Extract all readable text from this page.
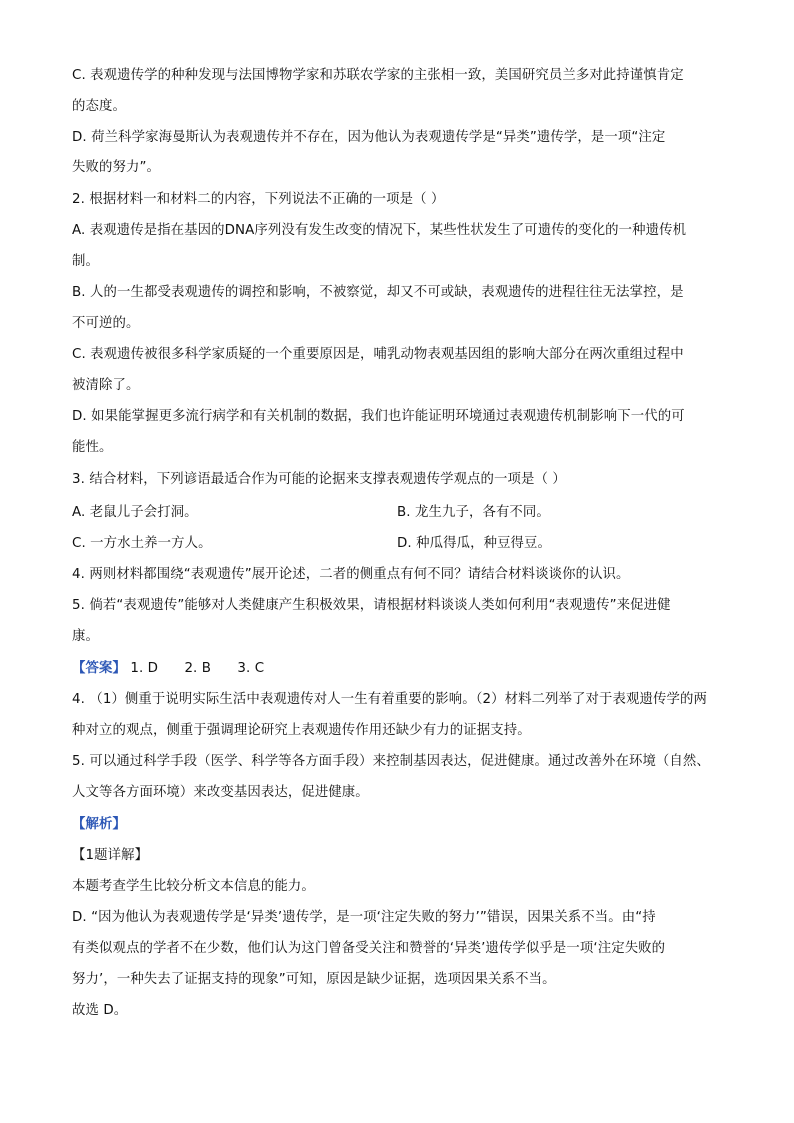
C. 表观遗传学的种种发现与法国博物学家和苏联农学家的主张相一致，美国研究员兰多对此持谨慎肯定
的态度。
D. 荷兰科学家海曼斯认为表观遗传并不存在，因为他认为表观遗传学是“异类”遗传学，是一项“注定
失败的努力”。
2. 根据材料一和材料二的内容，下列说法不正确的一项是（ ）
A. 表观遗传是指在基因的DNA序列没有发生改变的情况下，某些性状发生了可遗传的变化的一种遗传机
制。
B. 人的一生都受表观遗传的调控和影响，不被察觉，却又不可或缺，表观遗传的进程往往无法掌控，是
不可逆的。
C. 表观遗传被很多科学家质疑的一个重要原因是，哺乳动物表观基因组的影响大部分在两次重组过程中
被清除了。
D. 如果能掌握更多流行病学和有关机制的数据，我们也许能证明环境通过表观遗传机制影响下一代的可
能性。
3. 结合材料，下列谚语最适合作为可能的论据来支撑表观遗传学观点的一项是（ ）
A. 老鼠儿子会打洞。	B. 龙生九子，各有不同。
C. 一方水土养一方人。	D. 种瓜得瓜，种豆得豆。
4. 两则材料都围绕“表观遗传”展开论述，二者的侧重点有何不同？请结合材料谈谈你的认识。
5. 倘若“表观遗传”能够对人类健康产生积极效果，请根据材料谈谈人类如何利用“表观遗传”来促进健
康。
【答案】 1. D 2. B 3. C
4. （1）侧重于说明实际生活中表观遗传对人一生有着重要的影响。（2）材料二列举了对于表观遗传学的两
种对立的观点，侧重于强调理论研究上表观遗传作用还缺少有力的证据支持。
5. 可以通过科学手段（医学、科学等各方面手段）来控制基因表达，促进健康。通过改善外在环境（自然、
人文等各方面环境）来改变基因表达，促进健康。
【解析】
【1题详解】
本题考查学生比较分析文本信息的能力。
D. “因为他认为表观遗传学是‘异类’遗传学，是一项‘注定失败的努力’”错误，因果关系不当。由“持
有类似观点的学者不在少数，他们认为这门曾备受关注和赞誉的‘异类’遗传学似乎是一项‘注定失败的
努力’，一种失去了证据支持的现象”可知，原因是缺少证据，选项因果关系不当。
故选 D。
